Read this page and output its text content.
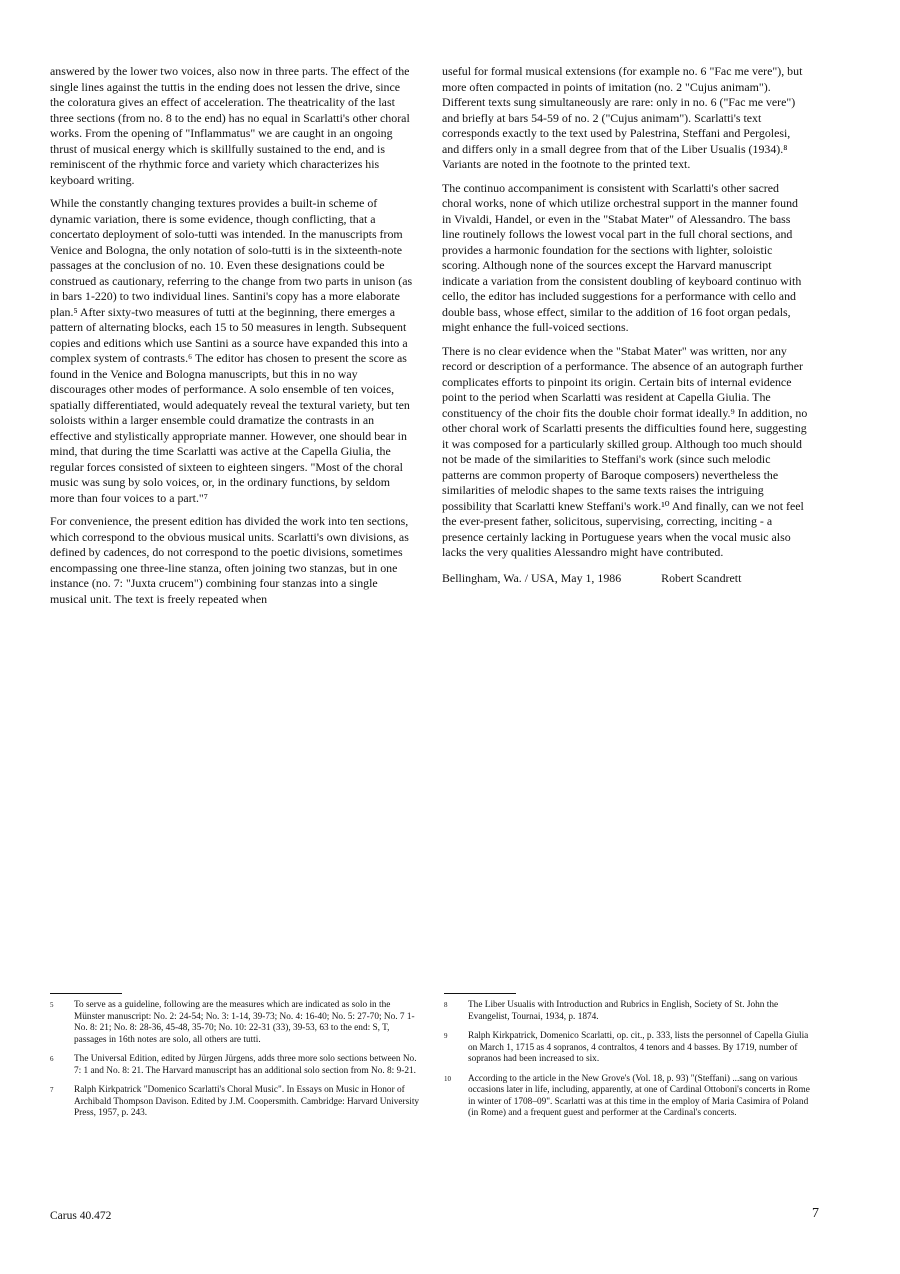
answered by the lower two voices, also now in three parts. The effect of the single lines against the tuttis in the ending does not lessen the drive, since the coloratura gives an effect of acceleration. The theatricality of the last three sections (from no. 8 to the end) has no equal in Scarlatti's other choral works. From the opening of "Inflammatus" we are caught in an ongoing thrust of musical energy which is skillfully sustained to the end, and is reminiscent of the rhythmic force and variety which characterizes his keyboard writing.

While the constantly changing textures provides a built-in scheme of dynamic variation, there is some evidence, though conflicting, that a concertato deployment of solo-tutti was intended. In the manuscripts from Venice and Bologna, the only notation of solo-tutti is in the sixteenth-note passages at the conclusion of no. 10. Even these designations could be construed as cautionary, referring to the change from two parts in unison (as in bars 1-220) to two individual lines. Santini's copy has a more elaborate plan.⁵ After sixty-two measures of tutti at the beginning, there emerges a pattern of alternating blocks, each 15 to 50 measures in length. Subsequent copies and editions which use Santini as a source have expanded this into a complex system of contrasts.⁶ The editor has chosen to present the score as found in the Venice and Bologna manuscripts, but this in no way discourages other modes of performance. A solo ensemble of ten voices, spatially differentiated, would adequately reveal the textural variety, but ten soloists within a larger ensemble could dramatize the contrasts in an effective and stylistically appropriate manner. However, one should bear in mind, that during the time Scarlatti was active at the Capella Giulia, the regular forces consisted of sixteen to eighteen singers. "Most of the choral music was sung by solo voices, or, in the ordinary functions, by seldom more than four voices to a part."⁷

For convenience, the present edition has divided the work into ten sections, which correspond to the obvious musical units. Scarlatti's own divisions, as defined by cadences, do not correspond to the poetic divisions, sometimes encompassing one three-line stanza, often joining two stanzas, but in one instance (no. 7: "Juxta crucem") combining four stanzas into a single musical unit. The text is freely repeated when

useful for formal musical extensions (for example no. 6 "Fac me vere"), but more often compacted in points of imitation (no. 2 "Cujus animam"). Different texts sung simultaneously are rare: only in no. 6 ("Fac me vere") and briefly at bars 54-59 of no. 2 ("Cujus animam"). Scarlatti's text corresponds exactly to the text used by Palestrina, Steffani and Pergolesi, and differs only in a small degree from that of the Liber Usualis (1934).⁸ Variants are noted in the footnote to the printed text.

The continuo accompaniment is consistent with Scarlatti's other sacred choral works, none of which utilize orchestral support in the manner found in Vivaldi, Handel, or even in the "Stabat Mater" of Alessandro. The bass line routinely follows the lowest vocal part in the full choral sections, and provides a harmonic foundation for the sections with lighter, soloistic scoring. Although none of the sources except the Harvard manuscript indicate a variation from the consistent doubling of keyboard continuo with cello, the editor has included suggestions for a performance with cello and double bass, whose effect, similar to the addition of 16 foot organ pedals, might enhance the full-voiced sections.

There is no clear evidence when the "Stabat Mater" was written, nor any record or description of a performance. The absence of an autograph further complicates efforts to pinpoint its origin. Certain bits of internal evidence point to the period when Scarlatti was resident at Capella Giulia. The constituency of the choir fits the double choir format ideally.⁹ In addition, no other choral work of Scarlatti presents the difficulties found here, suggesting it was composed for a particularly skilled group. Although too much should not be made of the similarities to Steffani's work (since such melodic patterns are common property of Baroque composers) nevertheless the similarities of melodic shapes to the same texts raises the intriguing possibility that Scarlatti knew Steffani's work.¹⁰ And finally, can we not feel the ever-present father, solicitous, supervising, correcting, inciting - a presence certainly lacking in Portuguese years when the vocal music also lacks the very qualities Alessandro might have contributed.

Bellingham, Wa. / USA, May 1, 1986	Robert Scandrett
5	To serve as a guideline, following are the measures which are indicated as solo in the Münster manuscript: No. 2: 24-54; No. 3: 1-14, 39-73; No. 4: 16-40; No. 5: 27-70; No. 7 1-No. 8: 21; No. 8: 28-36, 45-48, 35-70; No. 10: 22-31 (33), 39-53, 63 to the end: S, T, passages in 16th notes are solo, all others are tutti.
6	The Universal Edition, edited by Jürgen Jürgens, adds three more solo sections between No. 7: 1 and No. 8: 21. The Harvard manuscript has an additional solo section from No. 8: 9-21.
7	Ralph Kirkpatrick "Domenico Scarlatti's Choral Music". In Essays on Music in Honor of Archibald Thompson Davison. Edited by J.M. Coopersmith. Cambridge: Harvard University Press, 1957, p. 243.
8	The Liber Usualis with Introduction and Rubrics in English, Society of St. John the Evangelist, Tournai, 1934, p. 1874.
9	Ralph Kirkpatrick, Domenico Scarlatti, op. cit., p. 333, lists the personnel of Capella Giulia on March 1, 1715 as 4 sopranos, 4 contraltos, 4 tenors and 4 basses. By 1719, number of sopranos had been increased to six.
10	According to the article in the New Grove's (Vol. 18, p. 93) "(Steffani) ...sang on various occasions later in life, including, apparently, at one of Cardinal Ottoboni's concerts in Rome in winter of 1708–09". Scarlatti was at this time in the employ of Maria Casimira of Poland (in Rome) and a frequent guest and performer at the Cardinal's concerts.
Carus 40.472	7
